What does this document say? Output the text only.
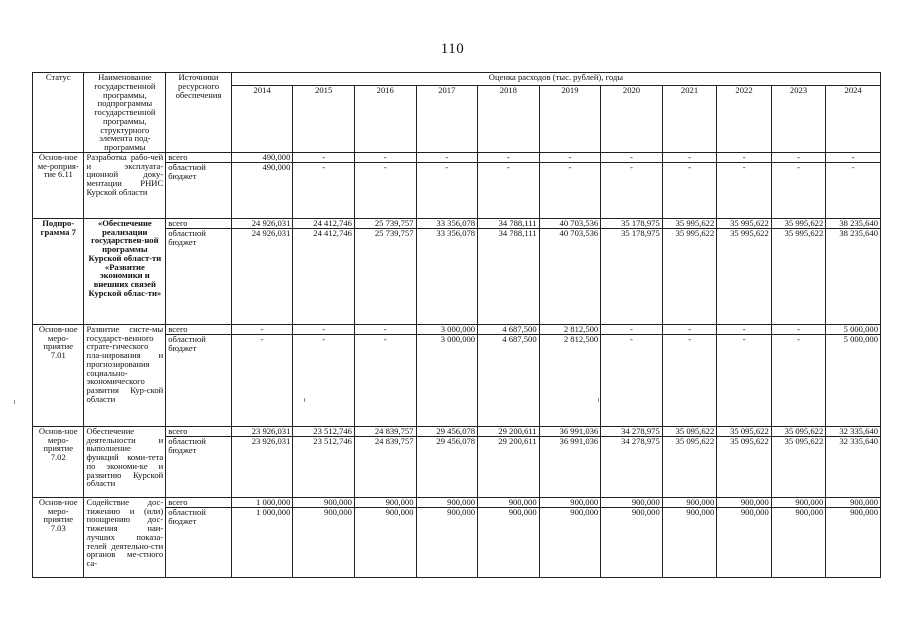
110
Статус	Наименование государственной программы, подпрограммы государственной программы, структурного элемента под-программы	Источники ресурсного обеспечения	Оценка расходов (тыс. рублей), годы										
			2014	2015	2016	2017	2018	2019	2020	2021	2022	2023	2024
Основ-ное ме-роприя-тие 6.11	Разработка рабо-чей и эксплуата-ционной доку-ментации РНИС Курской области	всего	490,000	-	-	-	-	-	-	-	-	-	-
		областной бюджет	490,000	-	-	-	-	-	-	-	-	-	-
Подпро-грамма 7	«Обеспечение реализации государствен-ной программы Курской област-ти «Развитие экономики и внешних связей Курской облас-ти»	всего	24 926,031	24 412,746	25 739,757	33 356,078	34 788,111	40 703,536	35 178,975	35 995,622	35 995,622	35 995,622	38 235,640
		областной бюджет	24 926,031	24 412,746	25 739,757	33 356,078	34 788,111	40 703,536	35 178,975	35 995,622	35 995,622	35 995,622	38 235,640
Основ-ное меро-приятие 7.01	Развитие систе-мы государст-венного страте-гического пла-нирования и прогнозирования социально-экономического развития Кур-ской области	всего	-	-	-	3 000,000	4 687,500	2 812,500	-	-	-	-	5 000,000
		областной бюджет	-	-	-	3 000,000	4 687,500	2 812,500	-	-	-	-	5 000,000
Основ-ное меро-приятие 7.02	Обеспечение деятельности и выполнение функций коми-тета по экономи-ке и развитию Курской области	всего	23 926,031	23 512,746	24 839,757	29 456,078	29 200,611	36 991,036	34 278,975	35 095,622	35 095,622	35 095,622	32 335,640
		областной бюджет	23 926,031	23 512,746	24 839,757	29 456,078	29 200,611	36 991,036	34 278,975	35 095,622	35 095,622	35 095,622	32 335,640
Основ-ное меро-приятие 7.03	Содействие дос-тижению и (или) поощрению дос-тижения наи-лучших показа-телей деятельно-сти органов ме-стного са-	всего	1 000,000	900,000	900,000	900,000	900,000	900,000	900,000	900,000	900,000	900,000	900,000
		областной бюджет	1 000,000	900,000	900,000	900,000	900,000	900,000	900,000	900,000	900,000	900,000	900,000
